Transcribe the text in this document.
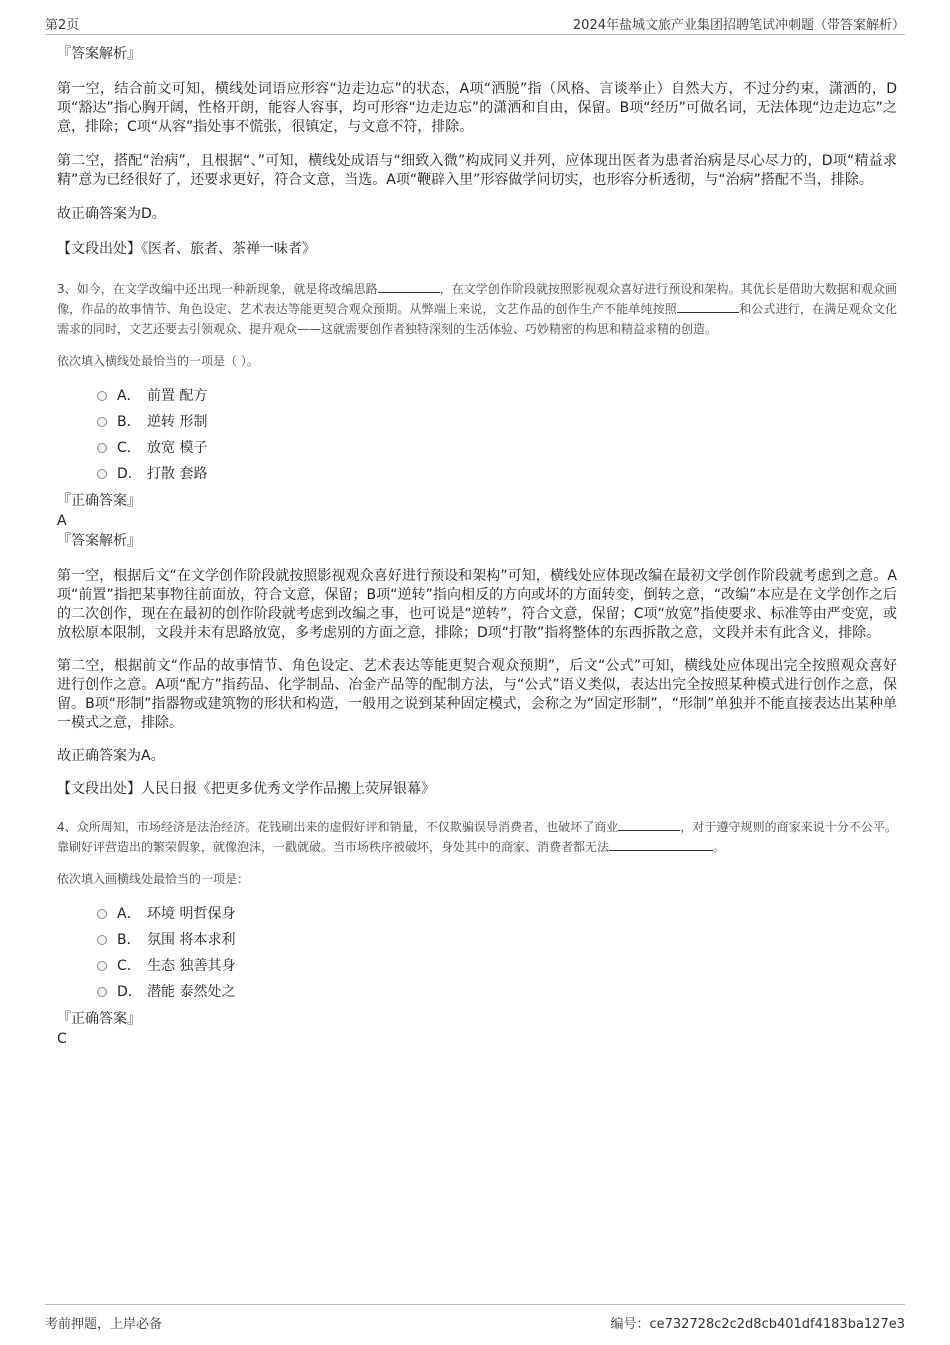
第2页	2024年盐城文旅产业集团招聘笔试冲刺题（带答案解析）

『答案解析』

第一空，结合前文可知，横线处词语应形容“边走边忘”的状态，A项“洒脱”指（风格、言谈举止）自然大方，不过分约束，潇洒的，D项“豁达”指心胸开阔，性格开朗，能容人容事，均可形容“边走边忘”的潇洒和自由，保留。B项“经历”可做名词，无法体现“边走边忘”之意，排除；C项“从容”指处事不慌张，很镇定，与文意不符，排除。

第二空，搭配“治病”，且根据“、”可知，横线处成语与“细致入微”构成同义并列，应体现出医者为患者治病是尽心尽力的，D项“精益求精”意为已经很好了，还要求更好，符合文意，当选。A项“鞭辟入里”形容做学问切实，也形容分析透彻，与“治病”搭配不当，排除。

故正确答案为D。

【文段出处】《医者、旅者、茶禅一味者》

3、如今，在文学改编中还出现一种新现象，就是将改编思路	，在文学创作阶段就按照影视观众喜好进行预设和架构。其优长是借助大数据和观众画像，作品的故事情节、角色设定、艺术表达等能更契合观众预期。从弊端上来说，文艺作品的创作生产不能单纯按照	和公式进行，在满足观众文化需求的同时，文艺还要去引领观众、提升观众——这就需要创作者独特深刻的生活体验、巧妙精密的构思和精益求精的创造。

依次填入横线处最恰当的一项是（ ）。

A． 前置 配方
B． 逆转 形制
C． 放宽 模子
D． 打散 套路

『正确答案』

A

『答案解析』

第一空，根据后文“在文学创作阶段就按照影视观众喜好进行预设和架构”可知，横线处应体现改编在最初文学创作阶段就考虑到之意。A项“前置”指把某事物往前面放，符合文意，保留；B项“逆转”指向相反的方向或坏的方面转变，倒转之意，“改编”本应是在文学创作之后的二次创作，现在在最初的创作阶段就考虑到改编之事，也可说是“逆转”，符合文意，保留；C项“放宽”指使要求、标准等由严变宽，或放松原本限制，文段并未有思路放宽，多考虑别的方面之意，排除；D项“打散”指将整体的东西拆散之意，文段并未有此含义，排除。

第二空，根据前文“作品的故事情节、角色设定、艺术表达等能更契合观众预期”，后文“公式”可知，横线处应体现出完全按照观众喜好进行创作之意。A项“配方”指药品、化学制品、冶金产品等的配制方法，与“公式”语义类似，表达出完全按照某种模式进行创作之意，保留。B项“形制”指器物或建筑物的形状和构造，一般用之说到某种固定模式，会称之为“固定形制”，“形制”单独并不能直接表达出某种单一模式之意，排除。

故正确答案为A。

【文段出处】人民日报《把更多优秀文学作品搬上荧屏银幕》

4、众所周知，市场经济是法治经济。花钱刷出来的虚假好评和销量，不仅欺骗误导消费者，也破坏了商业	，对于遵守规则的商家来说十分不公平。靠刷好评营造出的繁荣假象，就像泡沫，一戳就破。当市场秩序被破坏，身处其中的商家、消费者都无法	。

依次填入画横线处最恰当的一项是：

A． 环境 明哲保身
B． 氛围 将本求利
C． 生态 独善其身
D． 潜能 泰然处之

『正确答案』

C

考前押题，上岸必备	编号：ce732728c2c2d8cb401df4183ba127e3
